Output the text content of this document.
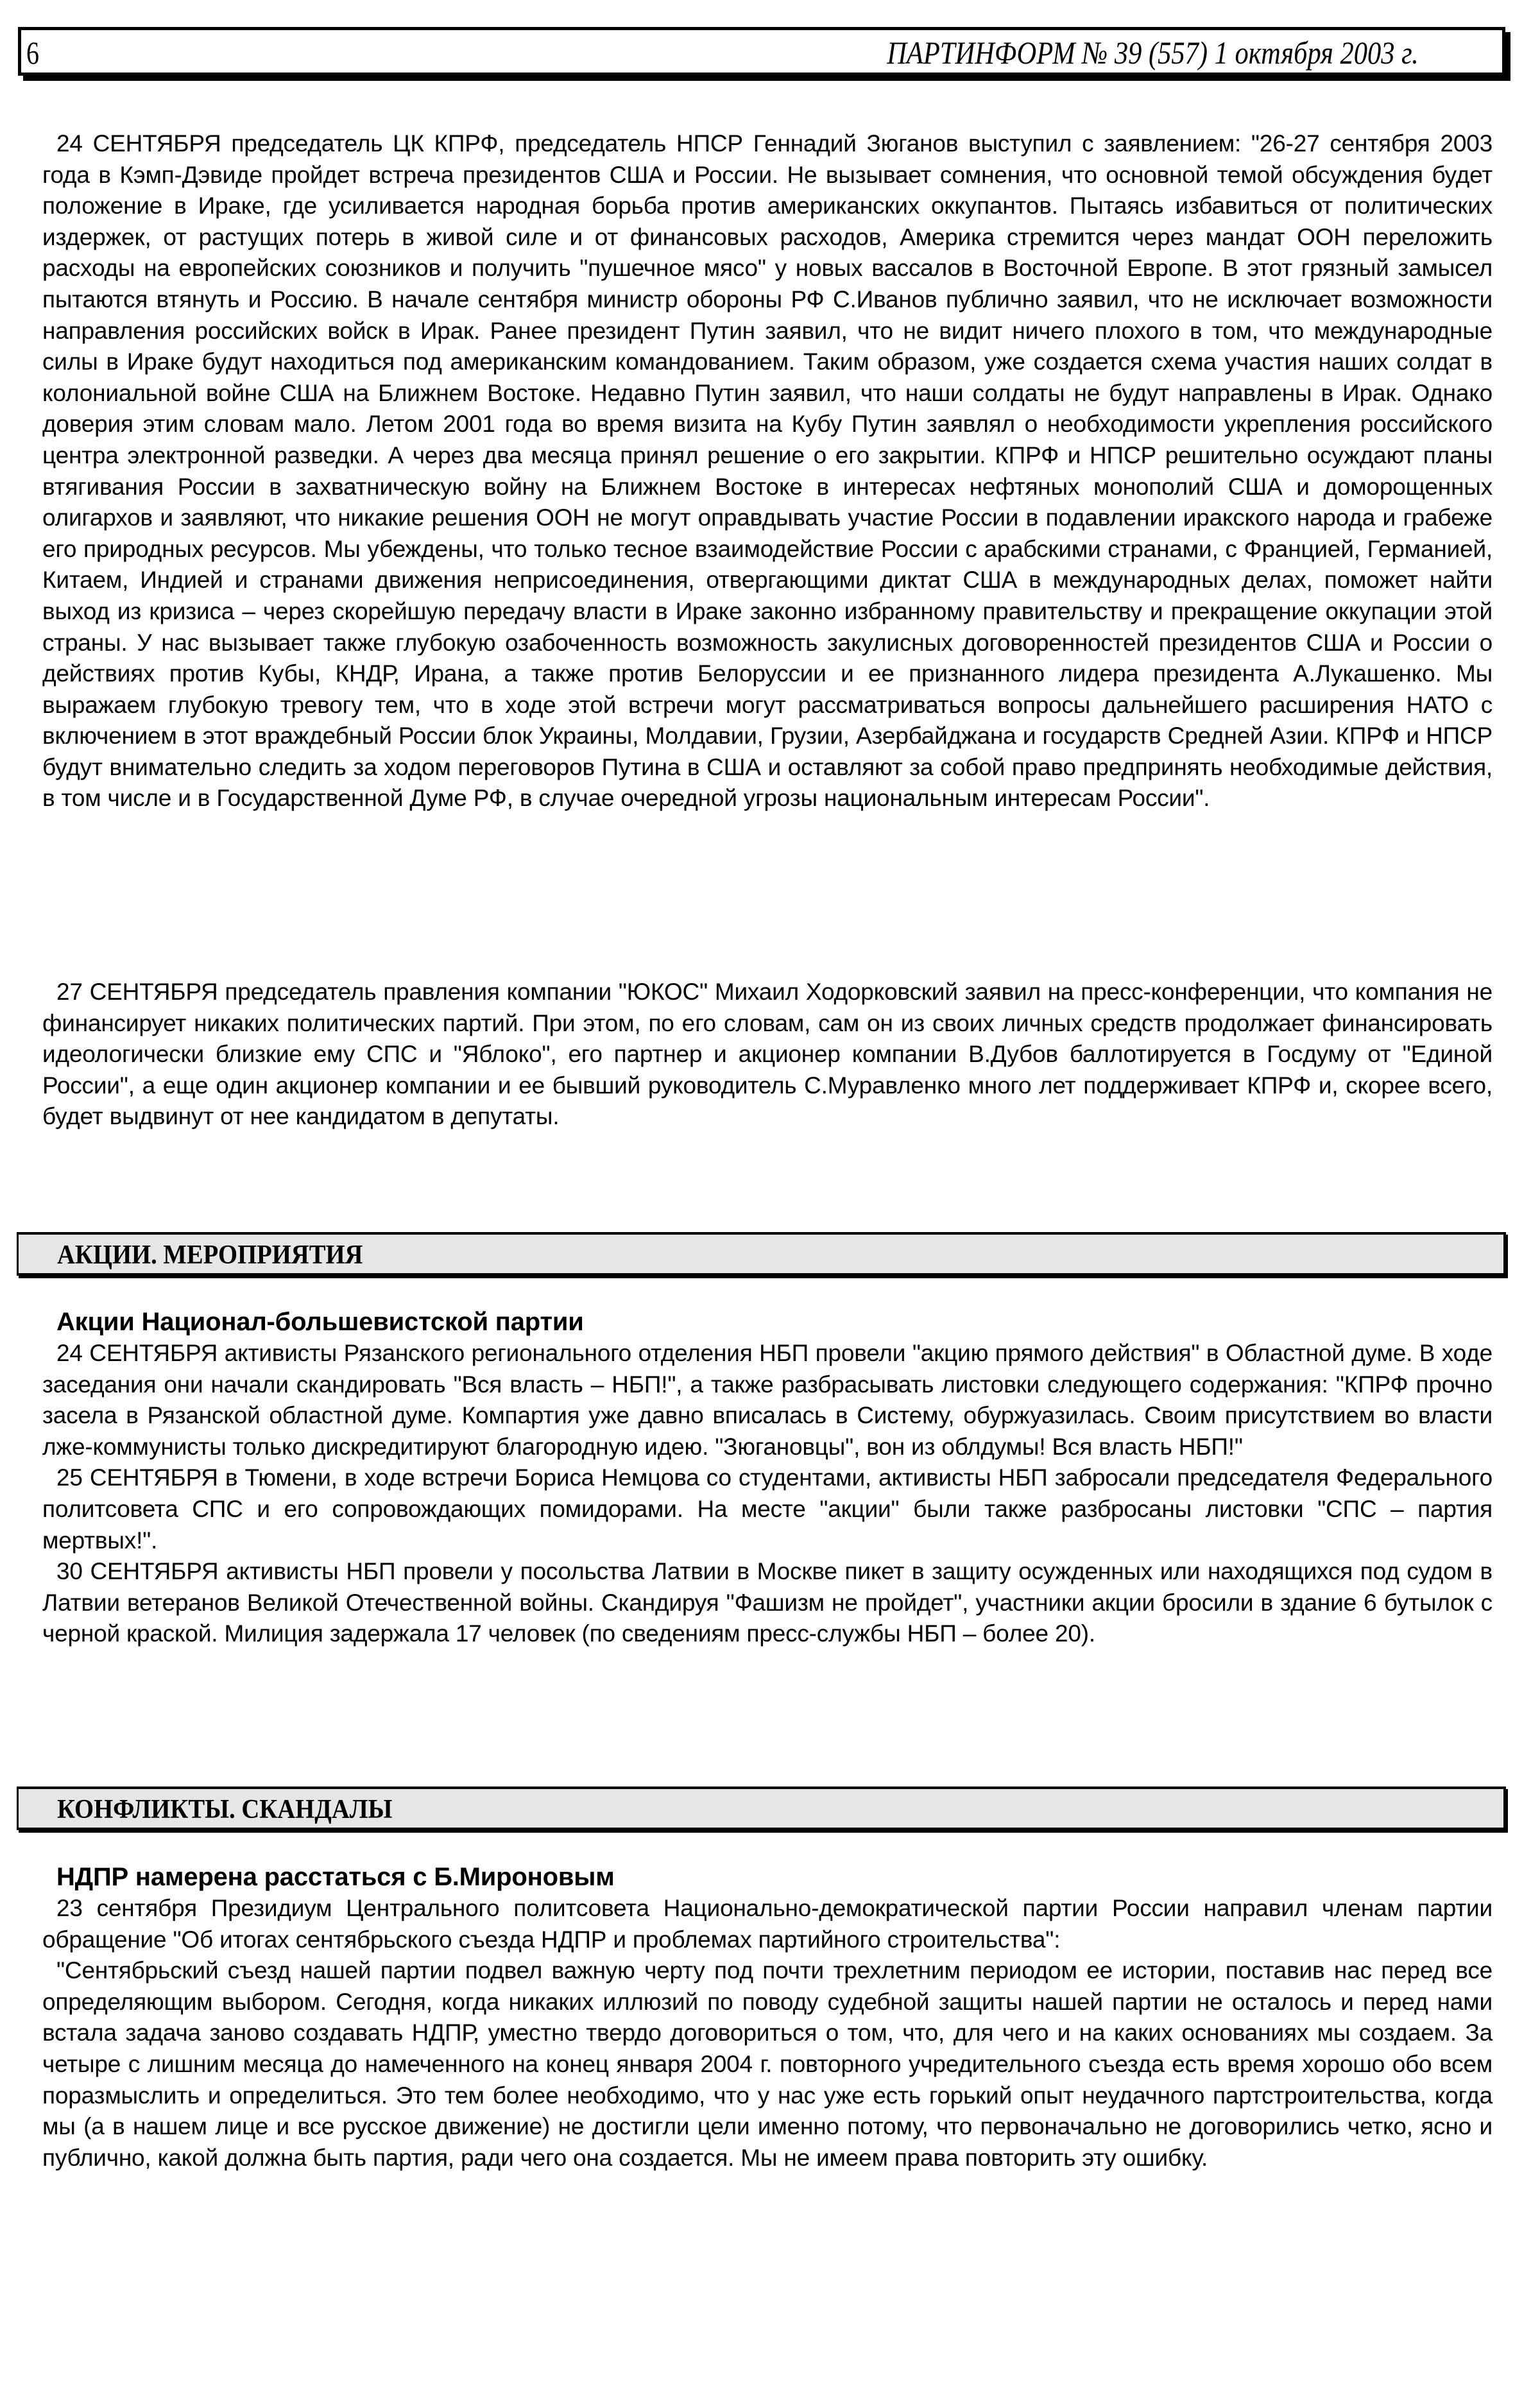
6	ПАРТИНФОРМ № 39 (557) 1 октября 2003 г.

24 СЕНТЯБРЯ председатель ЦК КПРФ, председатель НПСР Геннадий Зюганов выступил с заявлением: "26-27 сентября 2003 года в Кэмп-Дэвиде пройдет встреча президентов США и России. Не вызывает сомнения, что основной темой обсуждения будет положение в Ираке, где усиливается народная борьба против американских оккупантов. Пытаясь избавиться от политических издержек, от растущих потерь в живой силе и от финансовых расходов, Америка стремится через мандат ООН переложить расходы на европейских союзников и получить "пушечное мясо" у новых вассалов в Восточной Европе. В этот грязный замысел пытаются втянуть и Россию. В начале сентября министр обороны РФ С.Иванов публично заявил, что не исключает возможности направления российских войск в Ирак. Ранее президент Путин заявил, что не видит ничего плохого в том, что международные силы в Ираке будут находиться под американским командованием. Таким образом, уже создается схема участия наших солдат в колониальной войне США на Ближнем Востоке. Недавно Путин заявил, что наши солдаты не будут направлены в Ирак. Однако доверия этим словам мало. Летом 2001 года во время визита на Кубу Путин заявлял о необходимости укрепления российского центра электронной разведки. А через два месяца принял решение о его закрытии. КПРФ и НПСР решительно осуждают планы втягивания России в захватническую войну на Ближнем Востоке в интересах нефтяных монополий США и доморощенных олигархов и заявляют, что никакие решения ООН не могут оправдывать участие России в подавлении иракского народа и грабеже его природных ресурсов. Мы убеждены, что только тесное взаимодействие России с арабскими странами, с Францией, Германией, Китаем, Индией и странами движения неприсоединения, отвергающими диктат США в международных делах, поможет найти выход из кризиса – через скорейшую передачу власти в Ираке законно избранному правительству и прекращение оккупации этой страны. У нас вызывает также глубокую озабоченность возможность закулисных договоренностей президентов США и России о действиях против Кубы, КНДР, Ирана, а также против Белоруссии и ее признанного лидера президента А.Лукашенко. Мы выражаем глубокую тревогу тем, что в ходе этой встречи могут рассматриваться вопросы дальнейшего расширения НАТО с включением в этот враждебный России блок Украины, Молдавии, Грузии, Азербайджана и государств Средней Азии. КПРФ и НПСР будут внимательно следить за ходом переговоров Путина в США и оставляют за собой право предпринять необходимые действия, в том числе и в Государственной Думе РФ, в случае очередной угрозы национальным интересам России".

27 СЕНТЯБРЯ председатель правления компании "ЮКОС" Михаил Ходорковский заявил на пресс-конференции, что компания не финансирует никаких политических партий. При этом, по его словам, сам он из своих личных средств продолжает финансировать идеологически близкие ему СПС и "Яблоко", его партнер и акционер компании В.Дубов баллотируется в Госдуму от "Единой России", а еще один акционер компании и ее бывший руководитель С.Муравленко много лет поддерживает КПРФ и, скорее всего, будет выдвинут от нее кандидатом в депутаты.

АКЦИИ. МЕРОПРИЯТИЯ

Акции Национал-большевистской партии

24 СЕНТЯБРЯ активисты Рязанского регионального отделения НБП провели "акцию прямого действия" в Областной думе. В ходе заседания они начали скандировать "Вся власть – НБП!", а также разбрасывать листовки следующего содержания: "КПРФ прочно засела в Рязанской областной думе. Компартия уже давно вписалась в Систему, обуржуазилась. Своим присутствием во власти лже-коммунисты только дискредитируют благородную идею. "Зюгановцы", вон из облдумы! Вся власть НБП!"

25 СЕНТЯБРЯ в Тюмени, в ходе встречи Бориса Немцова со студентами, активисты НБП забросали председателя Федерального политсовета СПС и его сопровождающих помидорами. На месте "акции" были также разбросаны листовки "СПС – партия мертвых!".

30 СЕНТЯБРЯ активисты НБП провели у посольства Латвии в Москве пикет в защиту осужденных или находящихся под судом в Латвии ветеранов Великой Отечественной войны. Скандируя "Фашизм не пройдет", участники акции бросили в здание 6 бутылок с черной краской. Милиция задержала 17 человек (по сведениям пресс-службы НБП – более 20).

КОНФЛИКТЫ. СКАНДАЛЫ

НДПР намерена расстаться с Б.Мироновым

23 сентября Президиум Центрального политсовета Национально-демократической партии России направил членам партии обращение "Об итогах сентябрьского съезда НДПР и проблемах партийного строительства":

"Сентябрьский съезд нашей партии подвел важную черту под почти трехлетним периодом ее истории, поставив нас перед все определяющим выбором. Сегодня, когда никаких иллюзий по поводу судебной защиты нашей партии не осталось и перед нами встала задача заново создавать НДПР, уместно твердо договориться о том, что, для чего и на каких основаниях мы создаем. За четыре с лишним месяца до намеченного на конец января 2004 г. повторного учредительного съезда есть время хорошо обо всем поразмыслить и определиться. Это тем более необходимо, что у нас уже есть горький опыт неудачного партстроительства, когда мы (а в нашем лице и все русское движение) не достигли цели именно потому, что первоначально не договорились четко, ясно и публично, какой должна быть партия, ради чего она создается. Мы не имеем права повторить эту ошибку.
